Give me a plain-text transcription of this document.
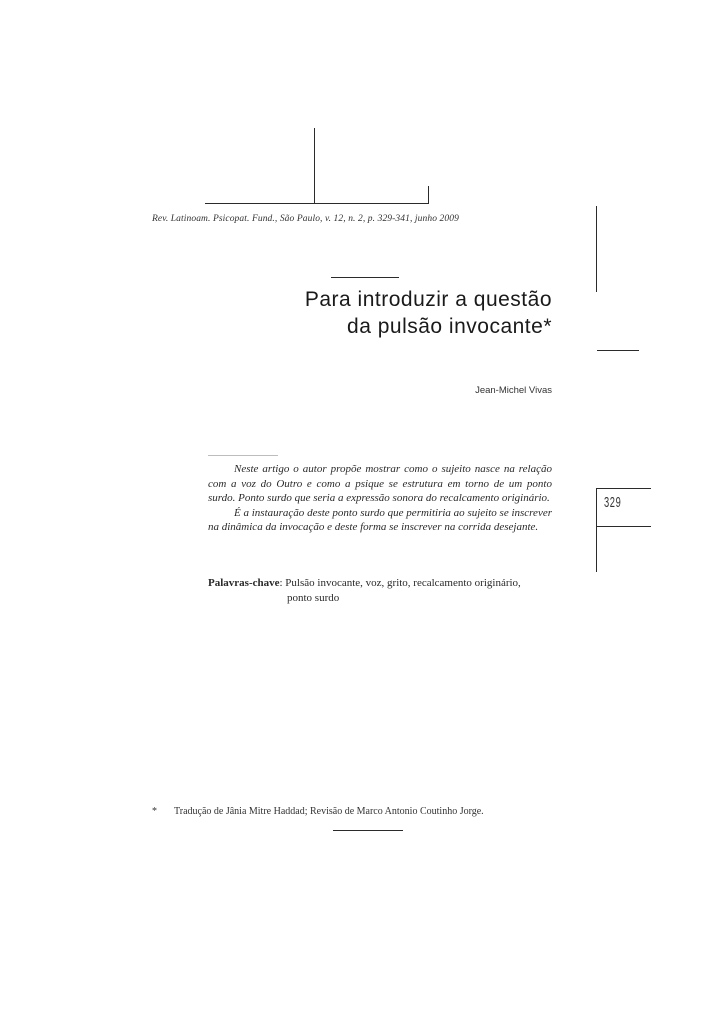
Rev. Latinoam. Psicopat. Fund., São Paulo, v. 12, n. 2, p. 329-341, junho 2009
Para introduzir a questão
da pulsão invocante*
Jean-Michel Vivas

Neste artigo o autor propõe mostrar como o sujeito nasce na relação com a voz do Outro e como a psique se estrutura em torno de um ponto surdo. Ponto surdo que seria a expressão sonora do recalcamento originário.

É a instauração deste ponto surdo que permitiria ao sujeito se inscrever na dinâmica da invocação e deste forma se inscrever na corrida desejante.

Palavras-chave: Pulsão invocante, voz, grito, recalcamento originário,
ponto surdo
329
* Tradução de Jânia Mitre Haddad; Revisão de Marco Antonio Coutinho Jorge.
